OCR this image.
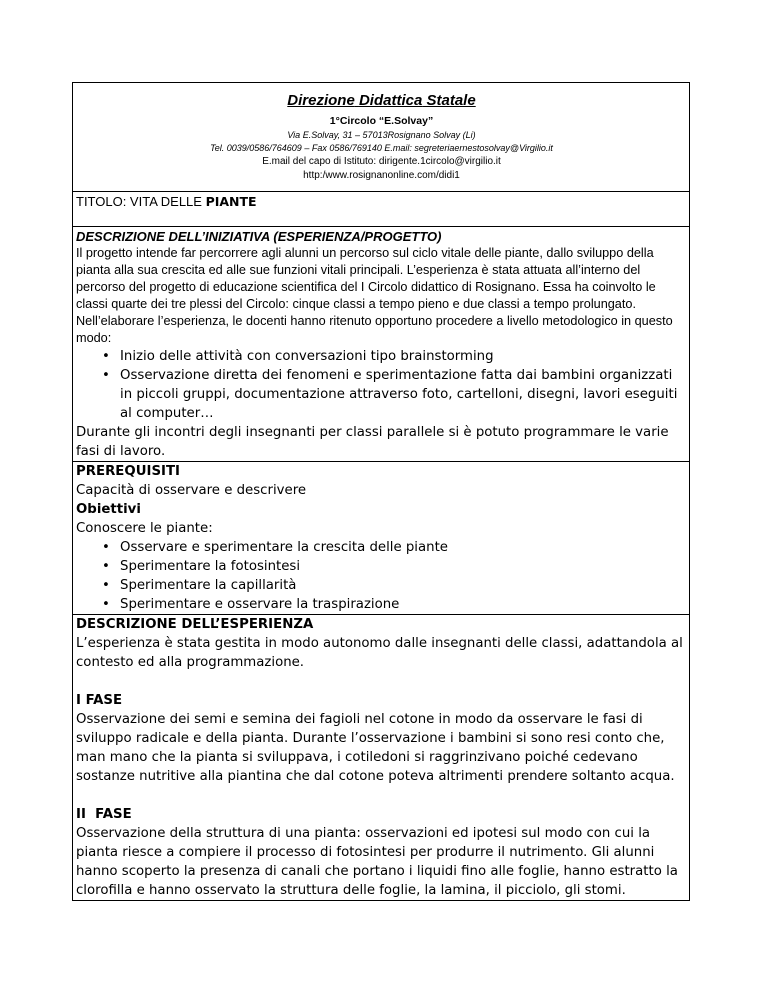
Direzione Didattica Statale
1°Circolo “E.Solvay”
Via E.Solvay, 31 – 57013Rosignano Solvay (Li)
Tel. 0039/0586/764609 – Fax 0586/769140 E.mail: segreteriaernestosolvay@Virgilio.it
E.mail del capo di Istituto: dirigente.1circolo@virgilio.it
http:/www.rosignanonline.com/didi1

TITOLO: VITA DELLE PIANTE

DESCRIZIONE DELL’INIZIATIVA (ESPERIENZA/PROGETTO)
Il progetto intende far percorrere agli alunni un percorso sul ciclo vitale delle piante, dallo sviluppo della pianta alla sua crescita ed alle sue funzioni vitali principali. L’esperienza è stata attuata all’interno del percorso del progetto di educazione scientifica del I Circolo didattico di Rosignano. Essa ha coinvolto le classi quarte dei tre plessi del Circolo: cinque classi a tempo pieno e due classi a tempo prolungato.
Nell’elaborare l’esperienza, le docenti hanno ritenuto opportuno procedere a livello metodologico in questo modo:
• Inizio delle attività con conversazioni tipo brainstorming
• Osservazione diretta dei fenomeni e sperimentazione fatta dai bambini organizzati in piccoli gruppi, documentazione attraverso foto, cartelloni, disegni, lavori eseguiti al computer…
Durante gli incontri degli insegnanti per classi parallele si è potuto programmare le varie fasi di lavoro.

PREREQUISITI
Capacità di osservare e descrivere
Obiettivi
Conoscere le piante:
• Osservare e sperimentare la crescita delle piante
• Sperimentare la fotosintesi
• Sperimentare la capillarità
• Sperimentare e osservare la traspirazione

DESCRIZIONE DELL’ESPERIENZA
L’esperienza è stata gestita in modo autonomo dalle insegnanti delle classi, adattandola al contesto ed alla programmazione.
I FASE
Osservazione dei semi e semina dei fagioli nel cotone in modo da osservare le fasi di sviluppo radicale e della pianta. Durante l’osservazione i bambini si sono resi conto che, man mano che la pianta si sviluppava, i cotiledoni si raggrinzivano poiché cedevano sostanze nutritive alla piantina che dal cotone poteva altrimenti prendere soltanto acqua.
II  FASE
Osservazione della struttura di una pianta: osservazioni ed ipotesi sul modo con cui la pianta riesce a compiere il processo di fotosintesi per produrre il nutrimento. Gli alunni hanno scoperto la presenza di canali che portano i liquidi fino alle foglie, hanno estratto la clorofilla e hanno osservato la struttura delle foglie, la lamina, il picciolo, gli stomi.
